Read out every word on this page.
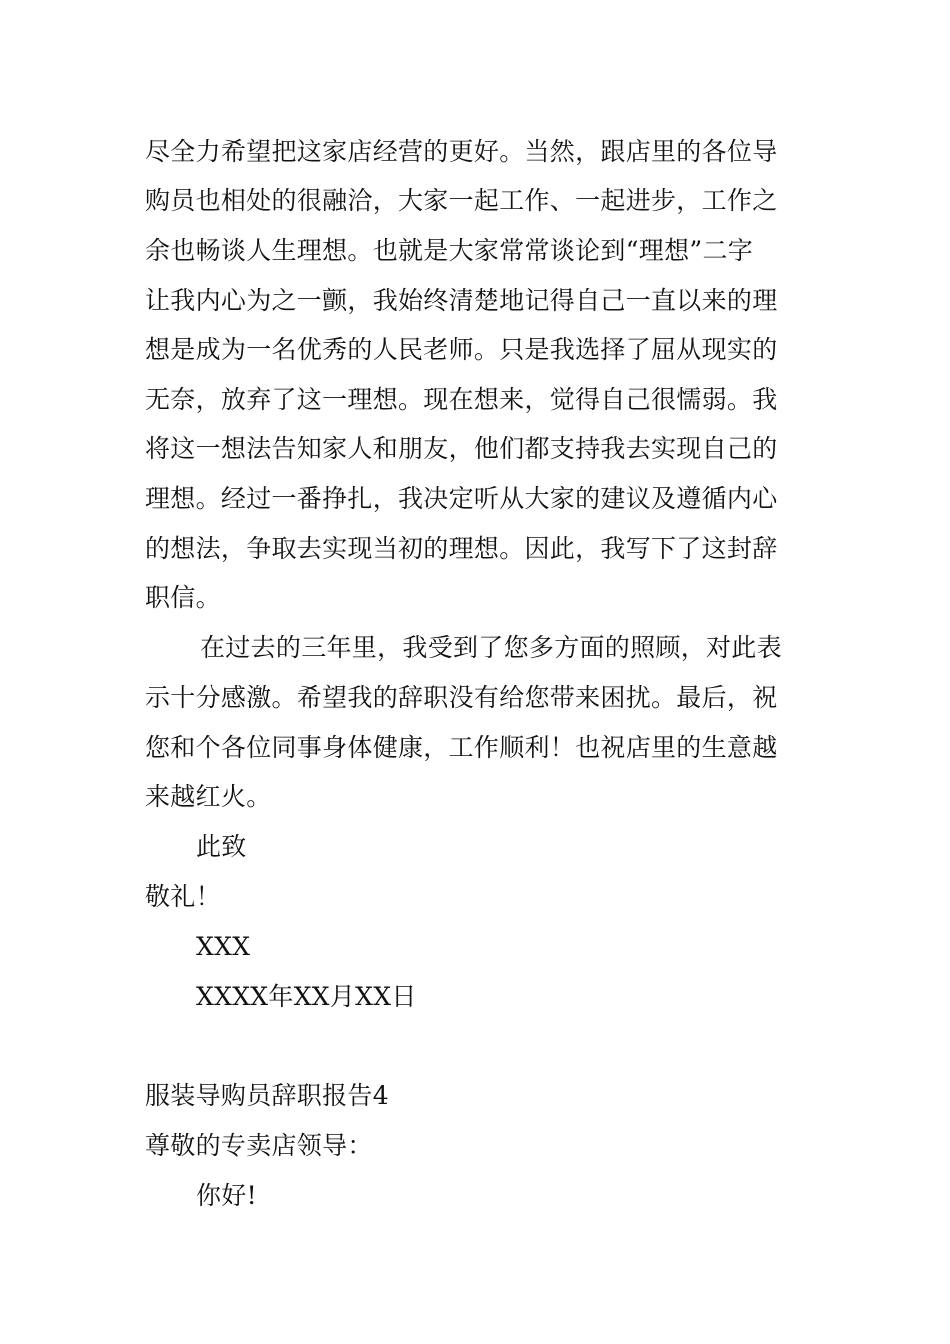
尽全力希望把这家店经营的更好。当然，跟店里的各位导
购员也相处的很融洽，大家一起工作、一起进步，工作之
余也畅谈人生理想。也就是大家常常谈论到“理想”二字
让我内心为之一颤，我始终清楚地记得自己一直以来的理
想是成为一名优秀的人民老师。只是我选择了屈从现实的
无奈，放弃了这一理想。现在想来，觉得自己很懦弱。我
将这一想法告知家人和朋友，他们都支持我去实现自己的
理想。经过一番挣扎，我决定听从大家的建议及遵循内心
的想法，争取去实现当初的理想。因此，我写下了这封辞
职信。
在过去的三年里，我受到了您多方面的照顾，对此表
示十分感激。希望我的辞职没有给您带来困扰。最后，祝
您和个各位同事身体健康，工作顺利！也祝店里的生意越
来越红火。
此致
敬礼！
XXX
XXXX年XX月XX日
服装导购员辞职报告4
尊敬的专卖店领导：
你好!
